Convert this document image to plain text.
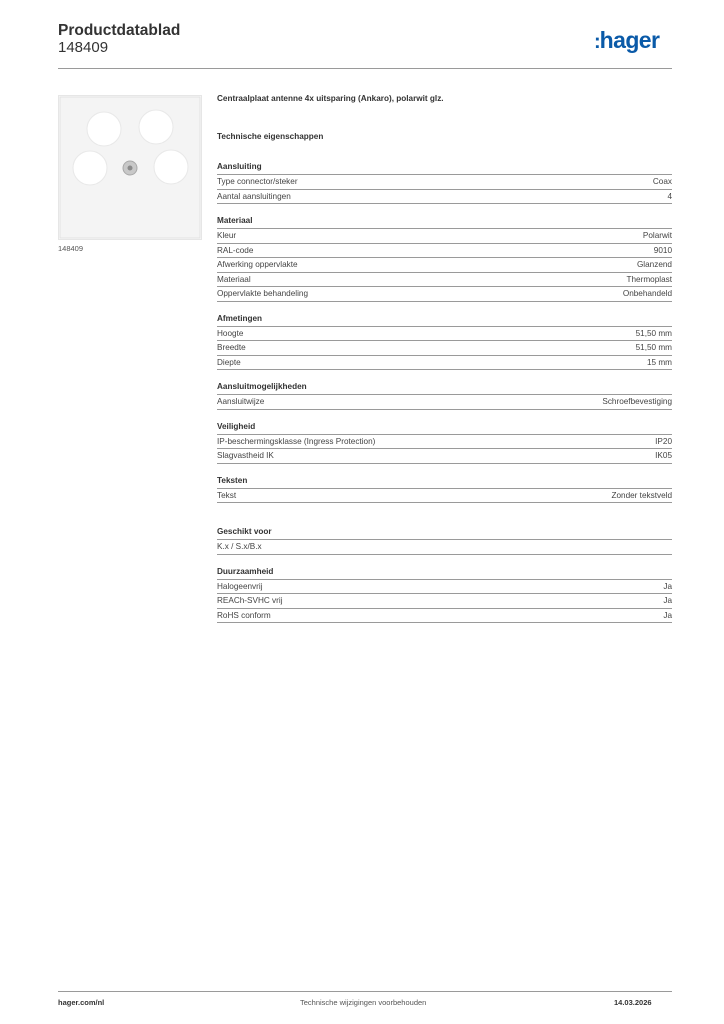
Productdatablad
148409	:hager
148409
Centraalplaat antenne 4x uitsparing (Ankaro), polarwit glz.
Technische eigenschappen
Aansluiting
Type connector/steker	Coax
Aantal aansluitingen	4
Materiaal
Kleur	Polarwit
RAL-code	9010
Afwerking oppervlakte	Glanzend
Materiaal	Thermoplast
Oppervlakte behandeling	Onbehandeld
Afmetingen
Hoogte	51,50 mm
Breedte	51,50 mm
Diepte	15 mm
Aansluitmogelijkheden
Aansluitwijze	Schroefbevestiging
Veiligheid
IP-beschermingsklasse (Ingress Protection)	IP20
Slagvastheid IK	IK05
Teksten
Tekst	Zonder tekstveld
Geschikt voor
K.x / S.x/B.x
Duurzaamheid
Halogeenvrij	Ja
REACh-SVHC vrij	Ja
RoHS conform	Ja
hager.com/nl	Technische wijzigingen voorbehouden	14.03.2026
